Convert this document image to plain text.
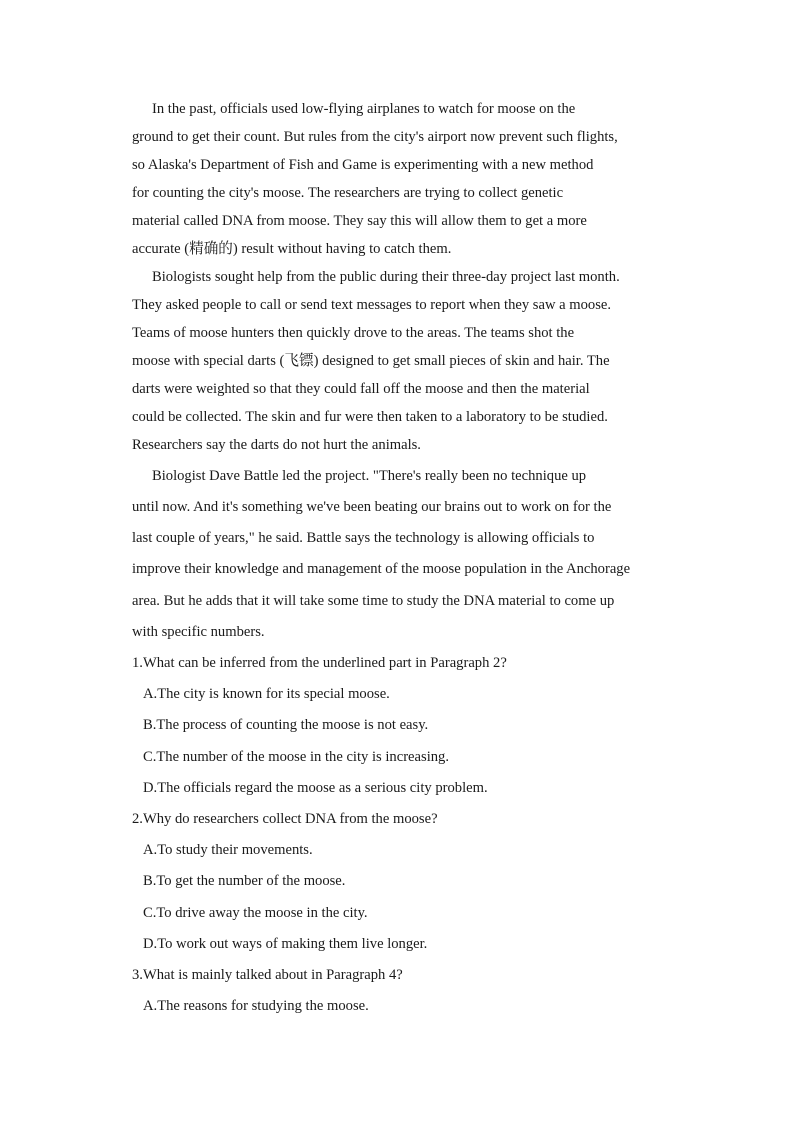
In the past, officials used low-flying airplanes to watch for moose on the
ground to get their count. But rules from the city's airport now prevent such flights,
so Alaska's Department of Fish and Game is experimenting with a new method
for counting the city's moose. The researchers are trying to collect genetic
material called DNA from moose. They say this will allow them to get a more
accurate (精确的) result without having to catch them.
Biologists sought help from the public during their three-day project last month.
They asked people to call or send text messages to report when they saw a moose.
Teams of moose hunters then quickly drove to the areas. The teams shot the
moose with special darts (飞镖) designed to get small pieces of skin and hair. The
darts were weighted so that they could fall off the moose and then the material
could be collected. The skin and fur were then taken to a laboratory to be studied.
Researchers say the darts do not hurt the animals.
Biologist Dave Battle led the project. "There's really been no technique up
until now. And it's something we've been beating our brains out to work on for the
last couple of years," he said. Battle says the technology is allowing officials to
improve their knowledge and management of the moose population in the Anchorage
area. But he adds that it will take some time to study the DNA material to come up
with specific numbers.
1.What can be inferred from the underlined part in Paragraph 2?
A.The city is known for its special moose.
B.The process of counting the moose is not easy.
C.The number of the moose in the city is increasing.
D.The officials regard the moose as a serious city problem.
2.Why do researchers collect DNA from the moose?
A.To study their movements.
B.To get the number of the moose.
C.To drive away the moose in the city.
D.To work out ways of making them live longer.
3.What is mainly talked about in Paragraph 4?
A.The reasons for studying the moose.
